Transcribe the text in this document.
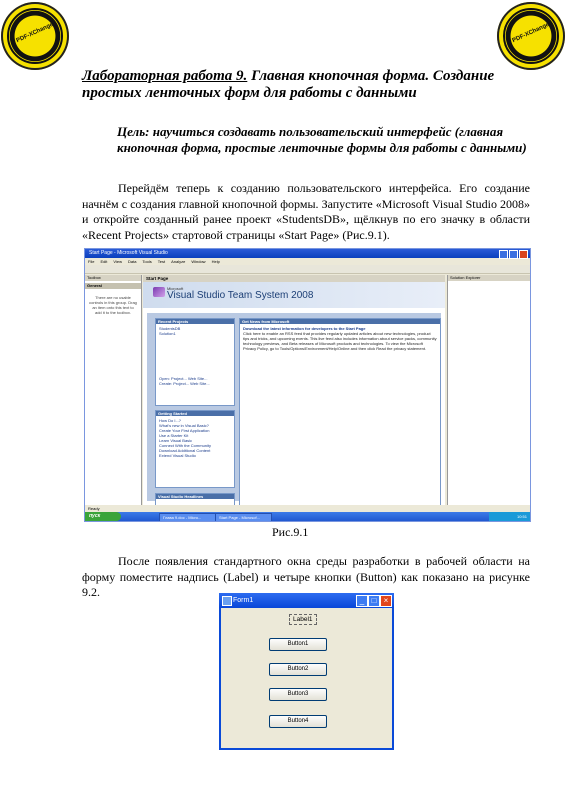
PDF-XChange	PDF-XChange
Лабораторная работа 9. Главная кнопочная форма. Создание простых ленточных форм для работы с данными
Цель: научиться создавать пользовательский интерфейс (главная кнопочная форма, простые ленточные формы для работы с данными)
Перейдём теперь к созданию пользовательского интерфейса. Его создание начнём с создания главной кнопочной формы. Запустите «Microsoft Visual Studio 2008» и откройте созданный ранее проект «StudentsDB», щёлкнув по его значку в области «Recent Projects» стартовой страницы «Start Page» (Рис.9.1).
Start Page - Microsoft Visual Studio
File Edit View Data Tools Test Analyze Window Help
Toolbox
General
There are no usable controls in this group. Drag an item onto this text to add it to the toolbox.
Start Page
Microsoft
Visual Studio Team System 2008
Recent Projects
StudentsDB
Solution1
Open: Project... Web Site...
Create: Project... Web Site...
Getting Started
How Do I...?
What's new in Visual Basic?
Create Your First Application
Use a Starter Kit
Learn Visual Basic
Connect With the Community
Download Additional Content
Extend Visual Studio
Visual Studio Headlines
Get News from Microsoft
Download the latest information for developers to the Start Page
Click here to enable an RSS feed that provides regularly updated articles about new technologies, product tips and tricks, and upcoming events. This live feed also includes information about service packs, community technology previews, and Beta releases of Microsoft products and technologies. To view the Microsoft Privacy Policy, go to Tools/Options/Environment/Help/Online and then click Read the privacy statement.
Solution Explorer
Ready
пуск	Глава 9.doc - Micro...	Start Page - Microsof...	10:51
Рис.9.1
После появления стандартного окна среды разработки в рабочей области на форму поместите надпись (Label) и четыре кнопки (Button) как показано на рисунке 9.2.
Form1	_ □ ×
Label1
Button1
Button2
Button3
Button4
